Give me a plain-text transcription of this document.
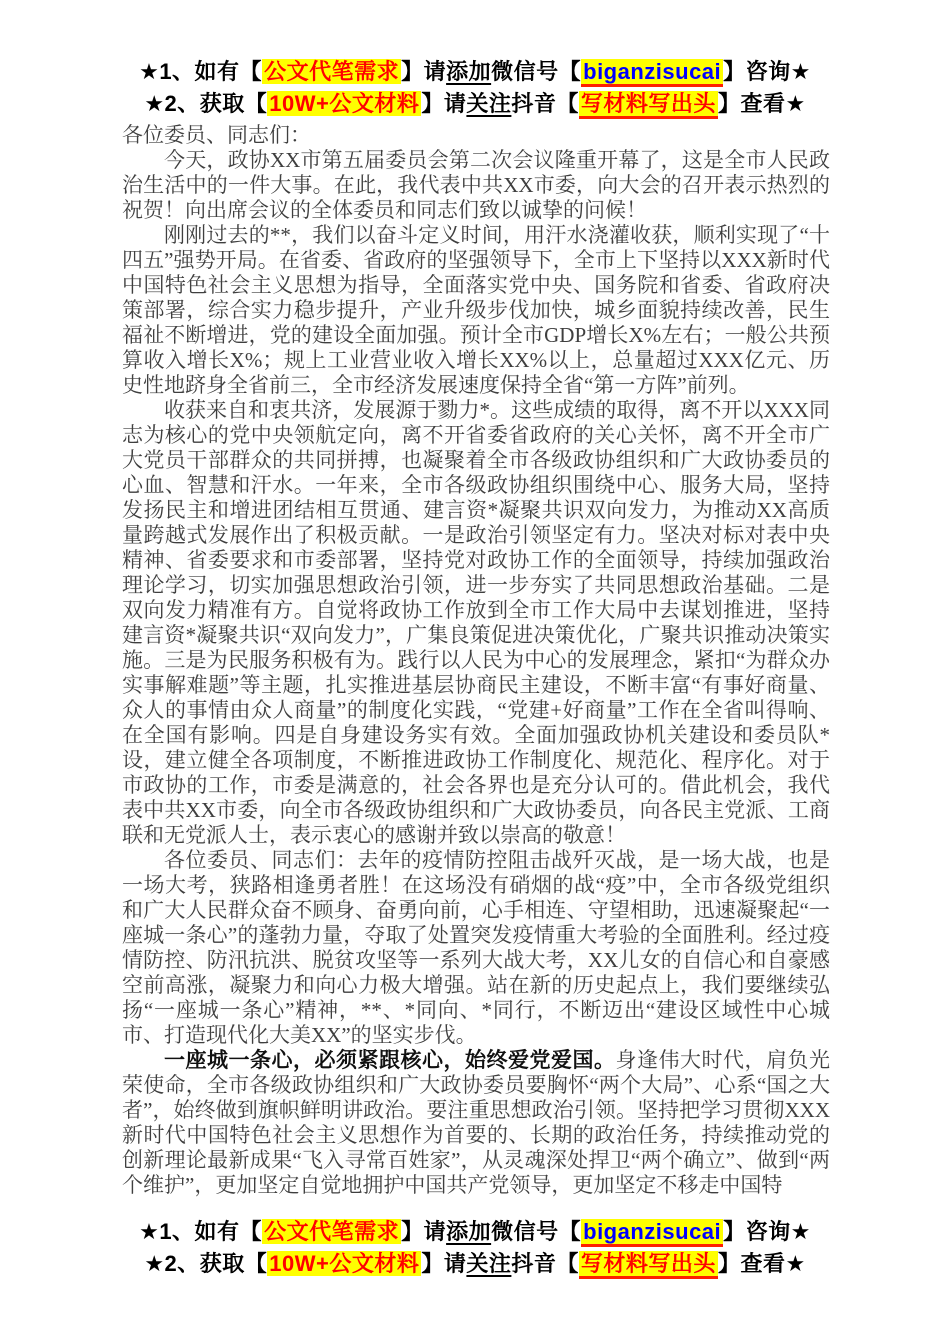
★1、如有【公文代笔需求】请添加微信号【biganzisucai】咨询★
★2、获取【10W+公文材料】请关注抖音【写材料写出头】查看★

各位委员、同志们：

今天，政协XX市第五届委员会第二次会议隆重开幕了，这是全市人民政治生活中的一件大事。在此，我代表中共XX市委，向大会的召开表示热烈的祝贺！向出席会议的全体委员和同志们致以诚挚的问候！

刚刚过去的**，我们以奋斗定义时间，用汗水浇灌收获，顺利实现了“十四五”强势开局。在省委、省政府的坚强领导下，全市上下坚持以XXX新时代中国特色社会主义思想为指导，全面落实党中央、国务院和省委、省政府决策部署，综合实力稳步提升，产业升级步伐加快，城乡面貌持续改善，民生福祉不断增进，党的建设全面加强。预计全市GDP增长X%左右；一般公共预算收入增长X%；规上工业营业收入增长XX%以上，总量超过XXX亿元、历史性地跻身全省前三，全市经济发展速度保持全省“第一方阵”前列。

收获来自和衷共济，发展源于勠力*。这些成绩的取得，离不开以XXX同志为核心的党中央领航定向，离不开省委省政府的关心关怀，离不开全市广大党员干部群众的共同拼搏，也凝聚着全市各级政协组织和广大政协委员的心血、智慧和汗水。一年来，全市各级政协组织围绕中心、服务大局，坚持发扬民主和增进团结相互贯通、建言资*凝聚共识双向发力，为推动XX高质量跨越式发展作出了积极贡献。一是政治引领坚定有力。坚决对标对表中央精神、省委要求和市委部署，坚持党对政协工作的全面领导，持续加强政治理论学习，切实加强思想政治引领，进一步夯实了共同思想政治基础。二是双向发力精准有方。自觉将政协工作放到全市工作大局中去谋划推进，坚持建言资*凝聚共识“双向发力”，广集良策促进决策优化，广聚共识推动决策实施。三是为民服务积极有为。践行以人民为中心的发展理念，紧扣“为群众办实事解难题”等主题，扎实推进基层协商民主建设，不断丰富“有事好商量、众人的事情由众人商量”的制度化实践，“党建+好商量”工作在全省叫得响、在全国有影响。四是自身建设务实有效。全面加强政协机关建设和委员队*设，建立健全各项制度，不断推进政协工作制度化、规范化、程序化。对于市政协的工作，市委是满意的，社会各界也是充分认可的。借此机会，我代表中共XX市委，向全市各级政协组织和广大政协委员，向各民主党派、工商联和无党派人士，表示衷心的感谢并致以崇高的敬意！

各位委员、同志们：去年的疫情防控阻击战歼灭战，是一场大战，也是一场大考，狭路相逢勇者胜！在这场没有硝烟的战“疫”中，全市各级党组织和广大人民群众奋不顾身、奋勇向前，心手相连、守望相助，迅速凝聚起“一座城一条心”的蓬勃力量，夺取了处置突发疫情重大考验的全面胜利。经过疫情防控、防汛抗洪、脱贫攻坚等一系列大战大考，XX儿女的自信心和自豪感空前高涨，凝聚力和向心力极大增强。站在新的历史起点上，我们要继续弘扬“一座城一条心”精神，**、*同向、*同行，不断迈出“建设区域性中心城市、打造现代化大美XX”的坚实步伐。

一座城一条心，必须紧跟核心，始终爱党爱国。身逢伟大时代，肩负光荣使命，全市各级政协组织和广大政协委员要胸怀“两个大局”、心系“国之大者”，始终做到旗帜鲜明讲政治。要注重思想政治引领。坚持把学习贯彻XXX新时代中国特色社会主义思想作为首要的、长期的政治任务，持续推动党的创新理论最新成果“飞入寻常百姓家”，从灵魂深处捍卫“两个确立”、做到“两个维护”，更加坚定自觉地拥护中国共产党领导，更加坚定不移走中国特

★1、如有【公文代笔需求】请添加微信号【biganzisucai】咨询★
★2、获取【10W+公文材料】请关注抖音【写材料写出头】查看★
